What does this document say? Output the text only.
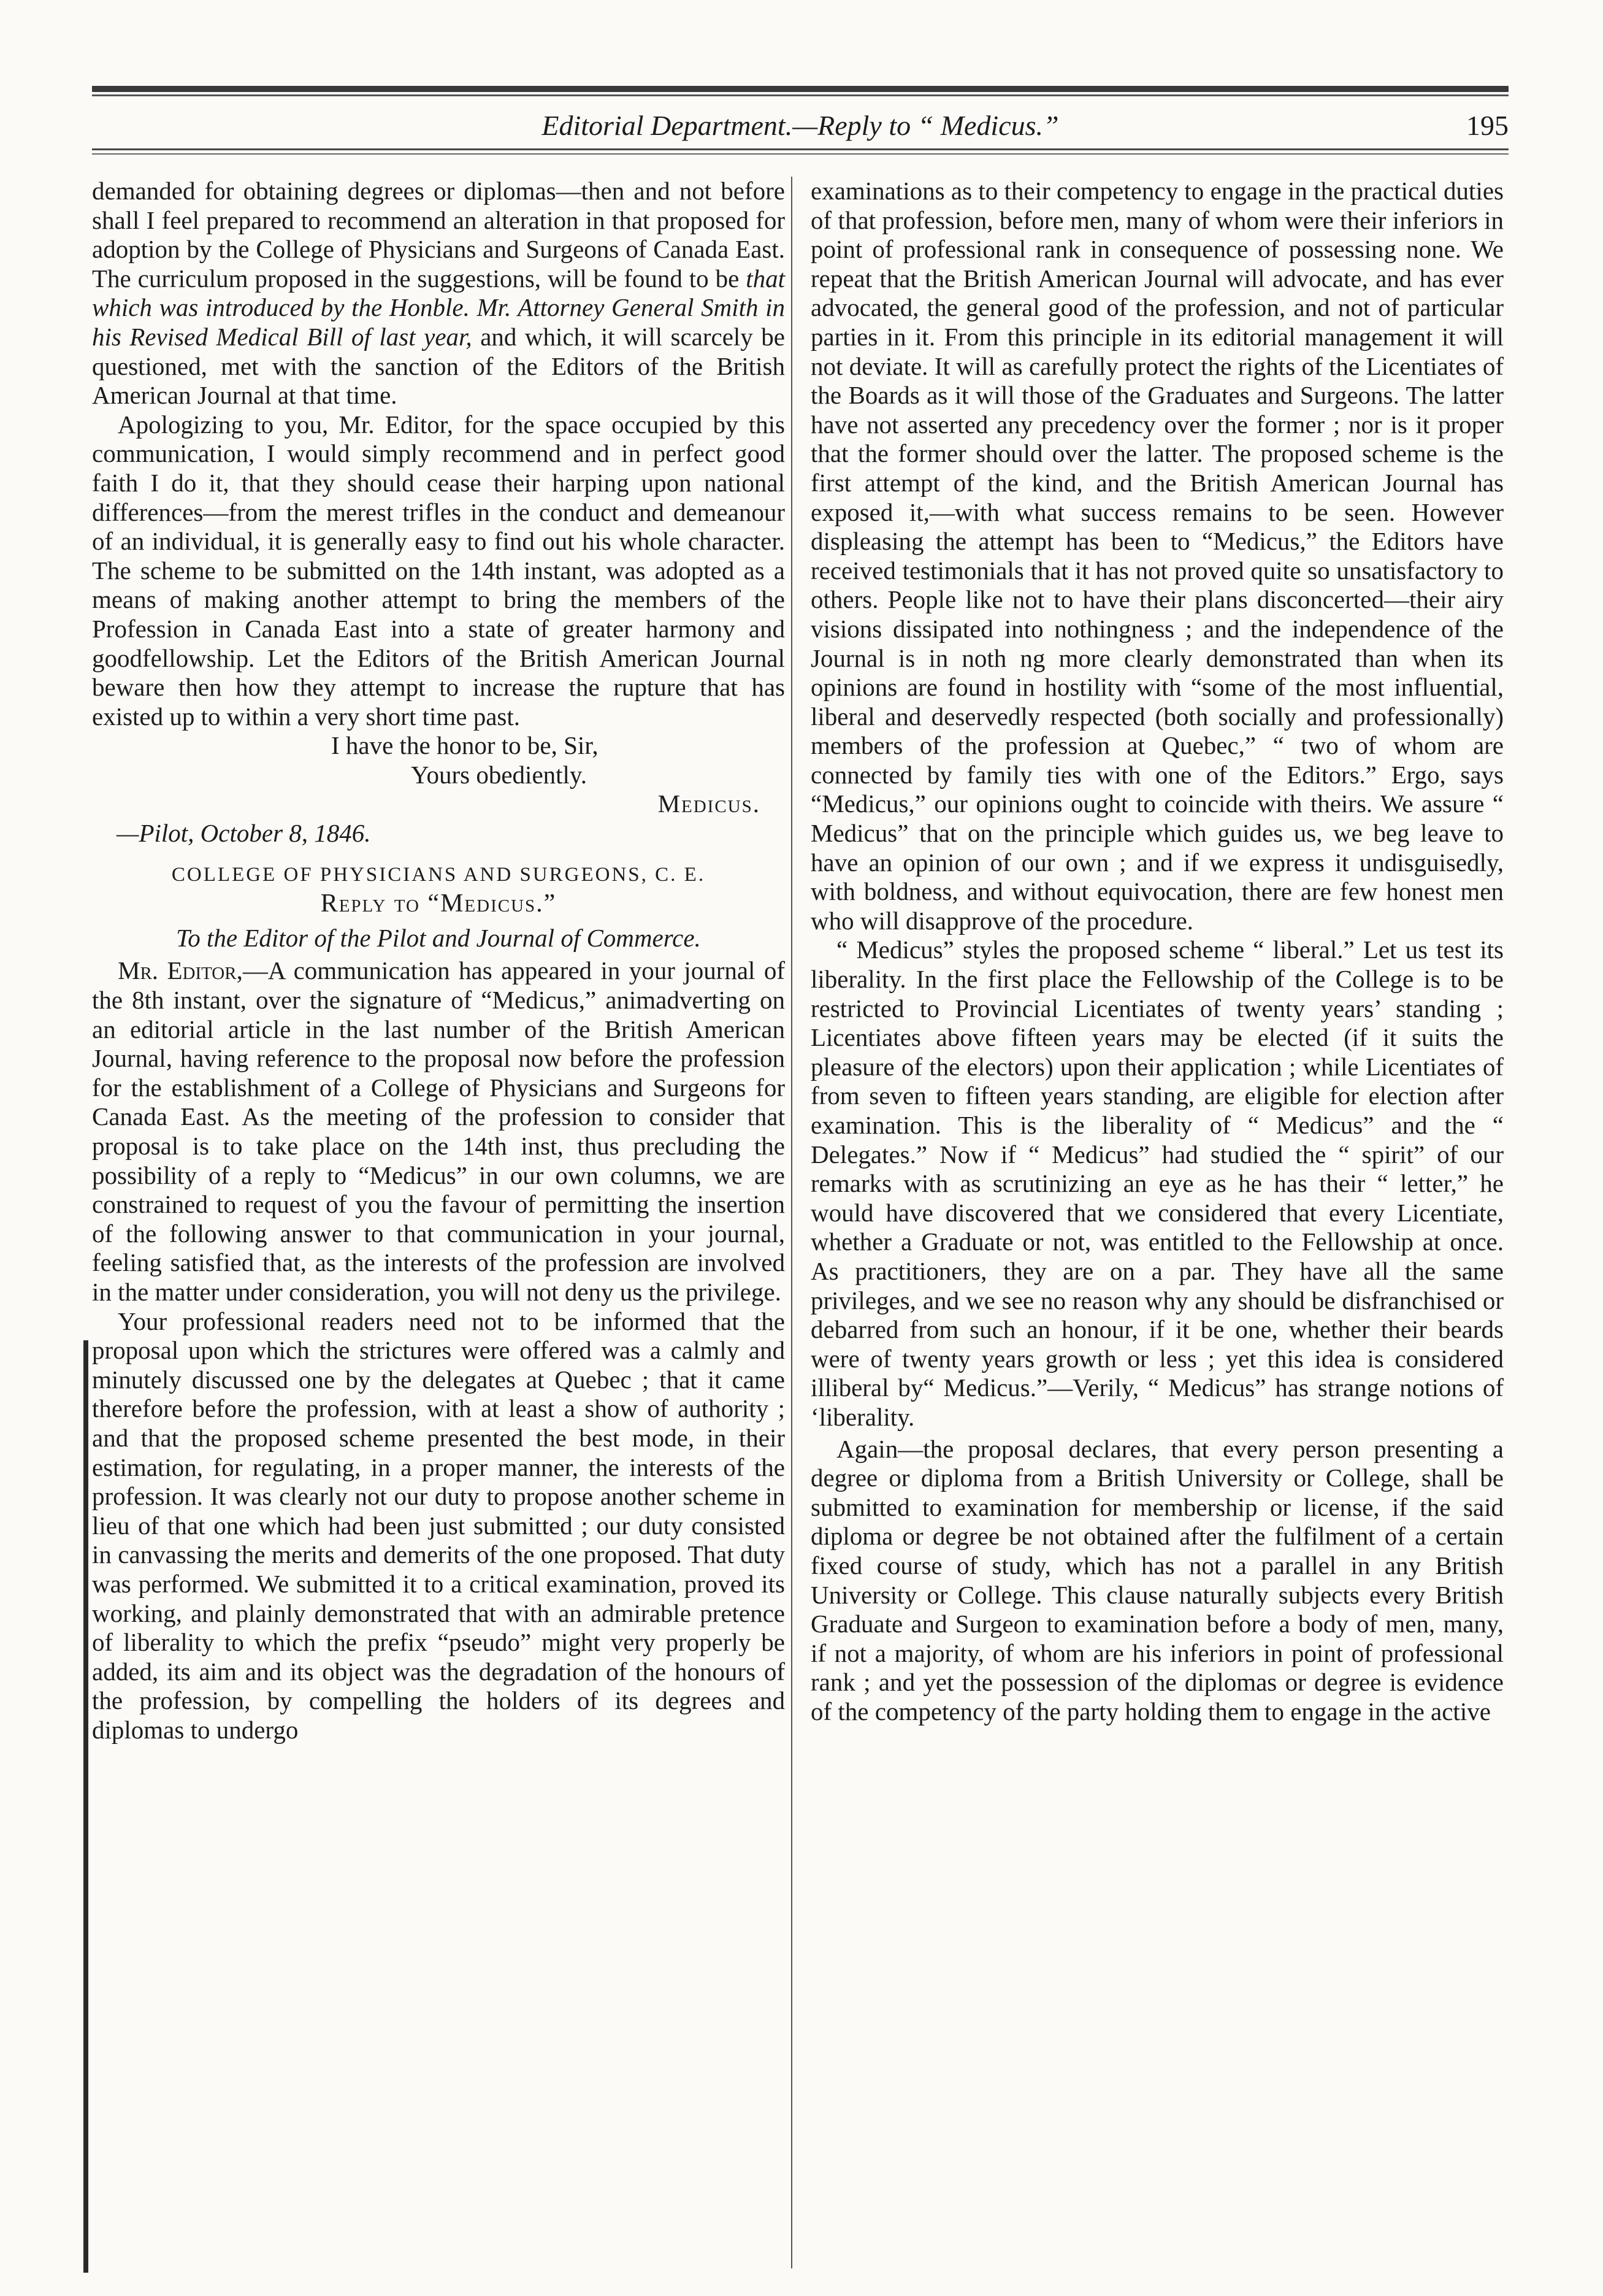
Editorial Department.—Reply to “ Medicus.”	195

demanded for obtaining degrees or diplomas—then and not before shall I feel prepared to recommend an alteration in that proposed for adoption by the College of Physicians and Surgeons of Canada East. The curriculum proposed in the suggestions, will be found to be that which was introduced by the Honble. Mr. Attorney General Smith in his Revised Medical Bill of last year, and which, it will scarcely be questioned, met with the sanction of the Editors of the British American Journal at that time.

Apologizing to you, Mr. Editor, for the space occupied by this communication, I would simply recommend and in perfect good faith I do it, that they should cease their harping upon national differences—from the merest trifles in the conduct and demeanour of an individual, it is generally easy to find out his whole character. The scheme to be submitted on the 14th instant, was adopted as a means of making another attempt to bring the members of the Profession in Canada East into a state of greater harmony and goodfellowship. Let the Editors of the British American Journal beware then how they attempt to increase the rupture that has existed up to within a very short time past.

I have the honor to be, Sir,

Yours obediently.

Medicus.

—Pilot, October 8, 1846.

COLLEGE OF PHYSICIANS AND SURGEONS, C. E.

Reply to “Medicus.”

To the Editor of the Pilot and Journal of Commerce.

Mr. Editor,—A communication has appeared in your journal of the 8th instant, over the signature of “Medicus,” animadverting on an editorial article in the last number of the British American Journal, having reference to the proposal now before the profession for the establishment of a College of Physicians and Surgeons for Canada East. As the meeting of the profession to consider that proposal is to take place on the 14th inst, thus precluding the possibility of a reply to “Medicus” in our own columns, we are constrained to request of you the favour of permitting the insertion of the following answer to that communication in your journal, feeling satisfied that, as the interests of the profession are involved in the matter under consideration, you will not deny us the privilege.

Your professional readers need not to be informed that the proposal upon which the strictures were offered was a calmly and minutely discussed one by the delegates at Quebec ; that it came therefore before the profession, with at least a show of authority ; and that the proposed scheme presented the best mode, in their estimation, for regulating, in a proper manner, the interests of the profession. It was clearly not our duty to propose another scheme in lieu of that one which had been just submitted ; our duty consisted in canvassing the merits and demerits of the one proposed. That duty was performed. We submitted it to a critical examination, proved its working, and plainly demonstrated that with an admirable pretence of liberality to which the prefix “pseudo” might very properly be added, its aim and its object was the degradation of the honours of the profession, by compelling the holders of its degrees and diplomas to undergo

examinations as to their competency to engage in the practical duties of that profession, before men, many of whom were their inferiors in point of professional rank in consequence of possessing none. We repeat that the British American Journal will advocate, and has ever advocated, the general good of the profession, and not of particular parties in it. From this principle in its editorial management it will not deviate. It will as carefully protect the rights of the Licentiates of the Boards as it will those of the Graduates and Surgeons. The latter have not asserted any precedency over the former ; nor is it proper that the former should over the latter. The proposed scheme is the first attempt of the kind, and the British American Journal has exposed it,—with what success remains to be seen. However displeasing the attempt has been to “Medicus,” the Editors have received testimonials that it has not proved quite so unsatisfactory to others. People like not to have their plans disconcerted—their airy visions dissipated into nothingness ; and the independence of the Journal is in noth ng more clearly demonstrated than when its opinions are found in hostility with “some of the most influential, liberal and deservedly respected (both socially and professionally) members of the profession at Quebec,” “ two of whom are connected by family ties with one of the Editors.” Ergo, says “Medicus,” our opinions ought to coincide with theirs. We assure “ Medicus” that on the principle which guides us, we beg leave to have an opinion of our own ; and if we express it undisguisedly, with boldness, and without equivocation, there are few honest men who will disapprove of the procedure.

“ Medicus” styles the proposed scheme “ liberal.” Let us test its liberality. In the first place the Fellowship of the College is to be restricted to Provincial Licentiates of twenty years’ standing ; Licentiates above fifteen years may be elected (if it suits the pleasure of the electors) upon their application ; while Licentiates of from seven to fifteen years standing, are eligible for election after examination. This is the liberality of “ Medicus” and the “ Delegates.” Now if “ Medicus” had studied the “ spirit” of our remarks with as scrutinizing an eye as he has their “ letter,” he would have discovered that we considered that every Licentiate, whether a Graduate or not, was entitled to the Fellowship at once. As practitioners, they are on a par. They have all the same privileges, and we see no reason why any should be disfranchised or debarred from such an honour, if it be one, whether their beards were of twenty years growth or less ; yet this idea is considered illiberal by“ Medicus.”—Verily, “ Medicus” has strange notions of ‘liberality.

Again—the proposal declares, that every person presenting a degree or diploma from a British University or College, shall be submitted to examination for membership or license, if the said diploma or degree be not obtained after the fulfilment of a certain fixed course of study, which has not a parallel in any British University or College. This clause naturally subjects every British Graduate and Surgeon to examination before a body of men, many, if not a majority, of whom are his inferiors in point of professional rank ; and yet the possession of the diplomas or degree is evidence of the competency of the party holding them to engage in the active
